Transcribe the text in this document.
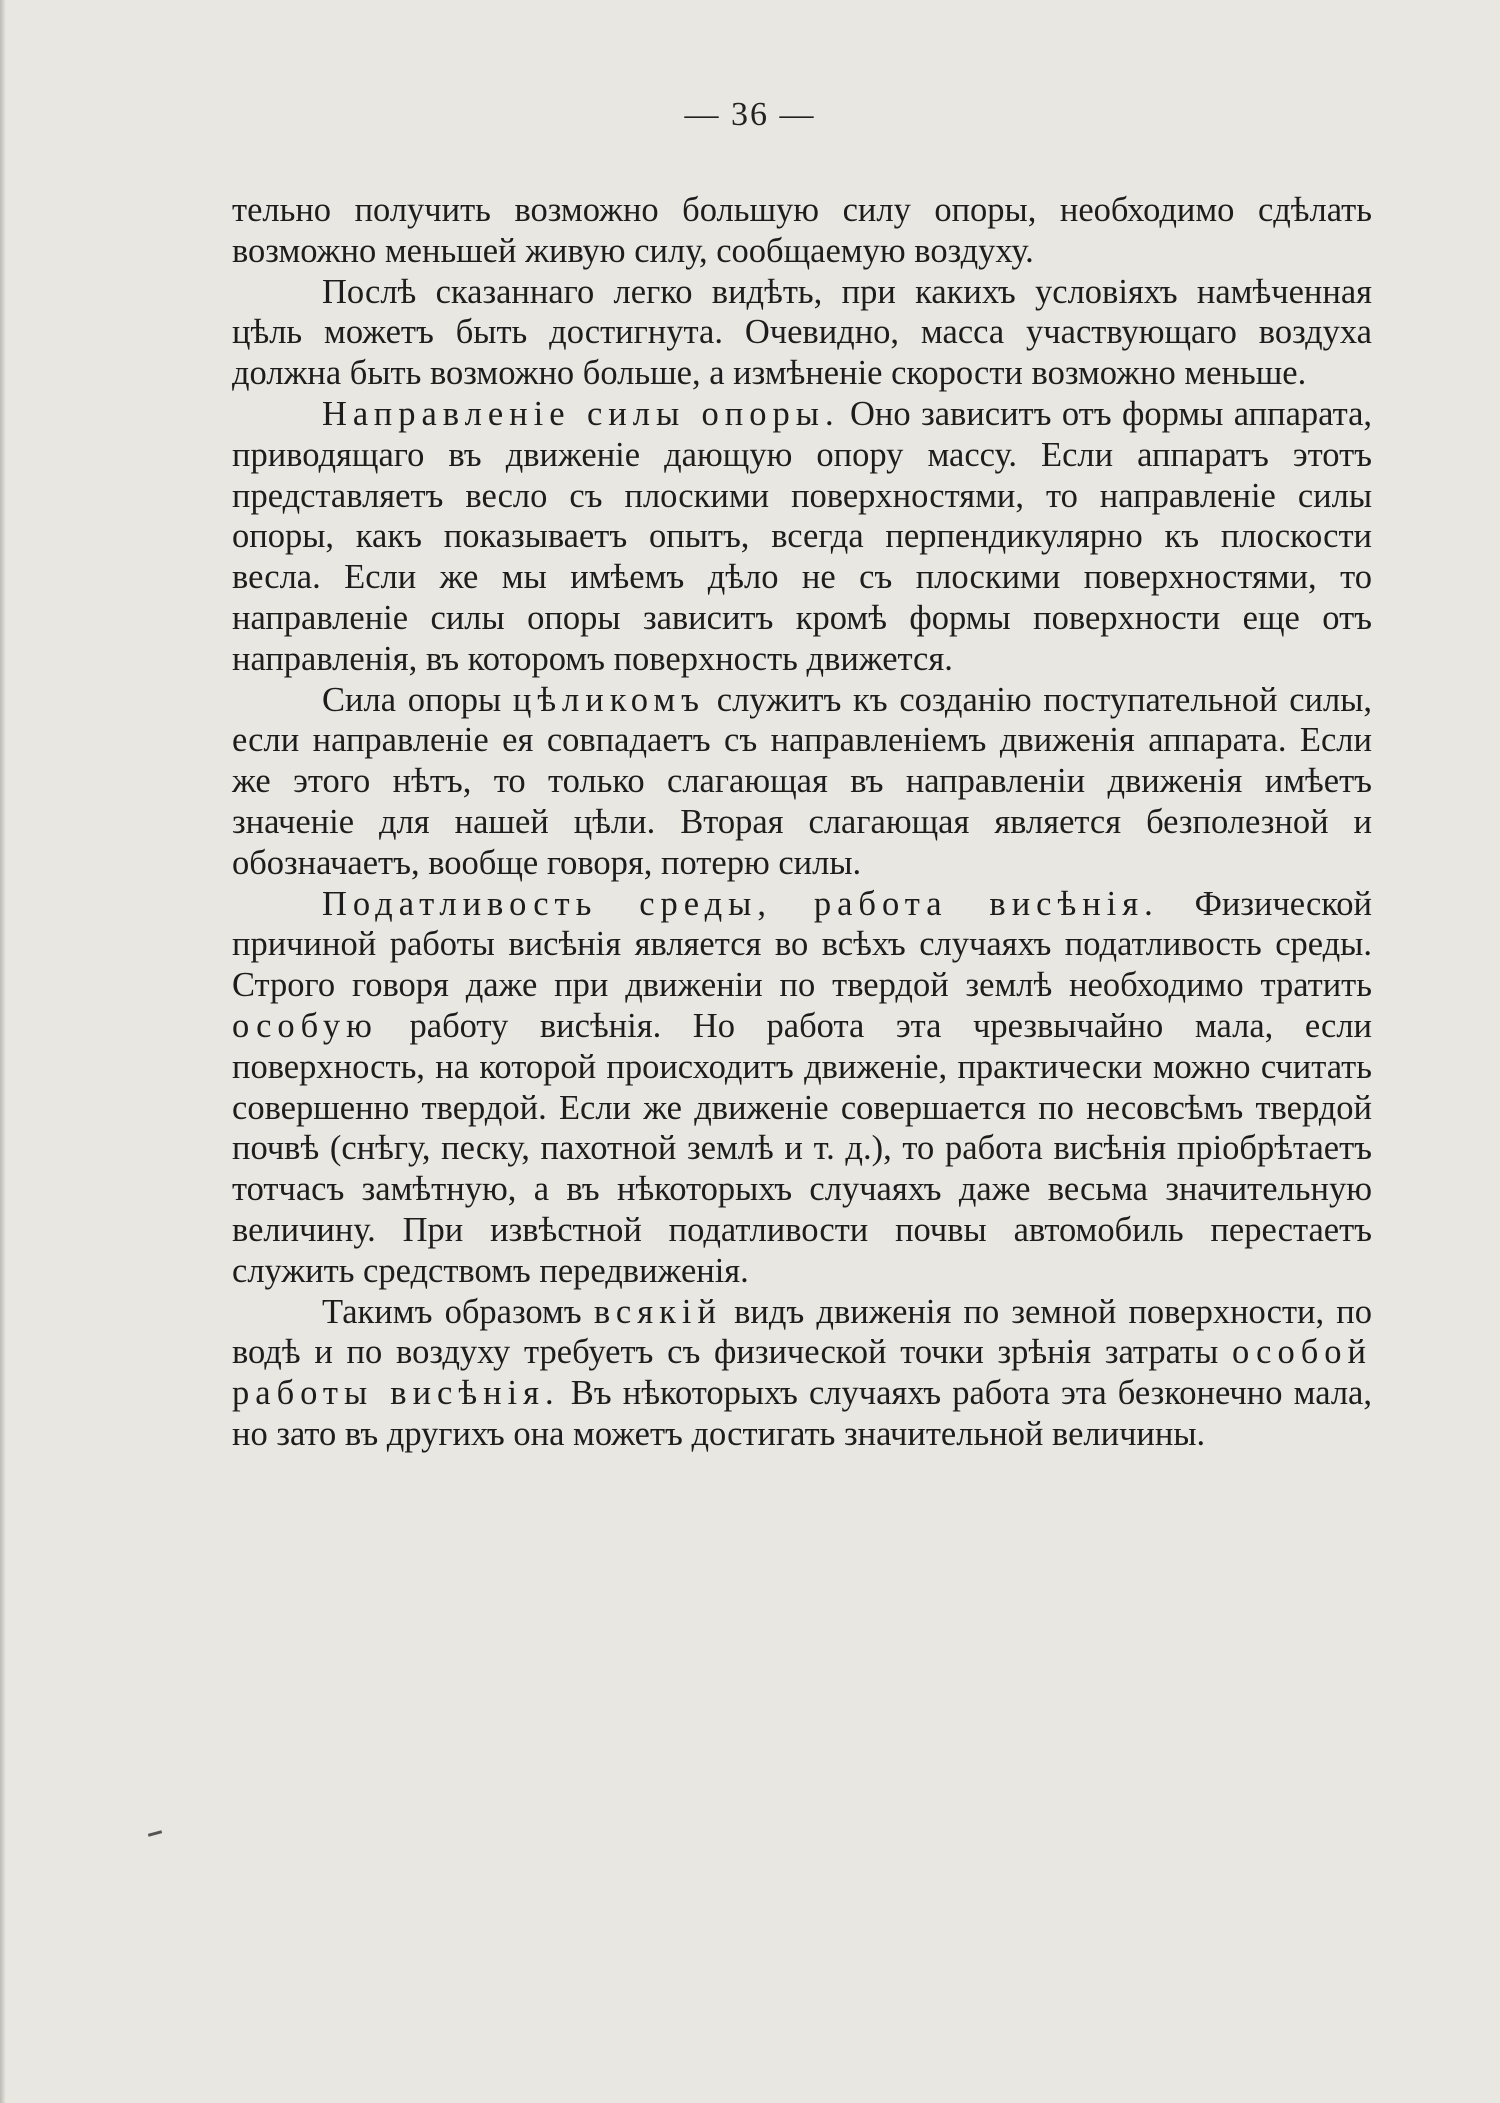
— 36 —

тельно получить возможно большую силу опоры, необходимо сдѣлать возможно меньшей живую силу, сообщаемую воздуху.

Послѣ сказаннаго легко видѣть, при какихъ условіяхъ намѣченная цѣль можетъ быть достигнута. Очевидно, масса участвующаго воздуха должна быть возможно больше, а измѣненіе скорости возможно меньше.

Направленіе силы опоры. Оно зависитъ отъ формы аппарата, приводящаго въ движеніе дающую опору массу. Если аппаратъ этотъ представляетъ весло съ плоскими поверхностями, то направленіе силы опоры, какъ показываетъ опытъ, всегда перпендикулярно къ плоскости весла. Если же мы имѣемъ дѣло не съ плоскими поверхностями, то направленіе силы опоры зависитъ кромѣ формы поверхности еще отъ направленія, въ которомъ поверхность движется.

Сила опоры цѣликомъ служитъ къ созданію поступательной силы, если направленіе ея совпадаетъ съ направленіемъ движенія аппарата. Если же этого нѣтъ, то только слагающая въ направленіи движенія имѣетъ значеніе для нашей цѣли. Вторая слагающая является безполезной и обозначаетъ, вообще говоря, потерю силы.

Податливость среды, работа висѣнія. Физической причиной работы висѣнія является во всѣхъ случаяхъ податливость среды. Строго говоря даже при движеніи по твердой землѣ необходимо тратить особую работу висѣнія. Но работа эта чрезвычайно мала, если поверхность, на которой происходитъ движеніе, практически можно считать совершенно твердой. Если же движеніе совершается по несовсѣмъ твердой почвѣ (снѣгу, песку, пахотной землѣ и т. д.), то работа висѣнія пріобрѣтаетъ тотчасъ замѣтную, а въ нѣкоторыхъ случаяхъ даже весьма значительную величину. При извѣстной податливости почвы автомобиль перестаетъ служить средствомъ передвиженія.

Такимъ образомъ всякій видъ движенія по земной поверхности, по водѣ и по воздуху требуетъ съ физической точки зрѣнія затраты особой работы висѣнія. Въ нѣкоторыхъ случаяхъ работа эта безконечно мала, но зато въ другихъ она можетъ достигать значительной величины.
